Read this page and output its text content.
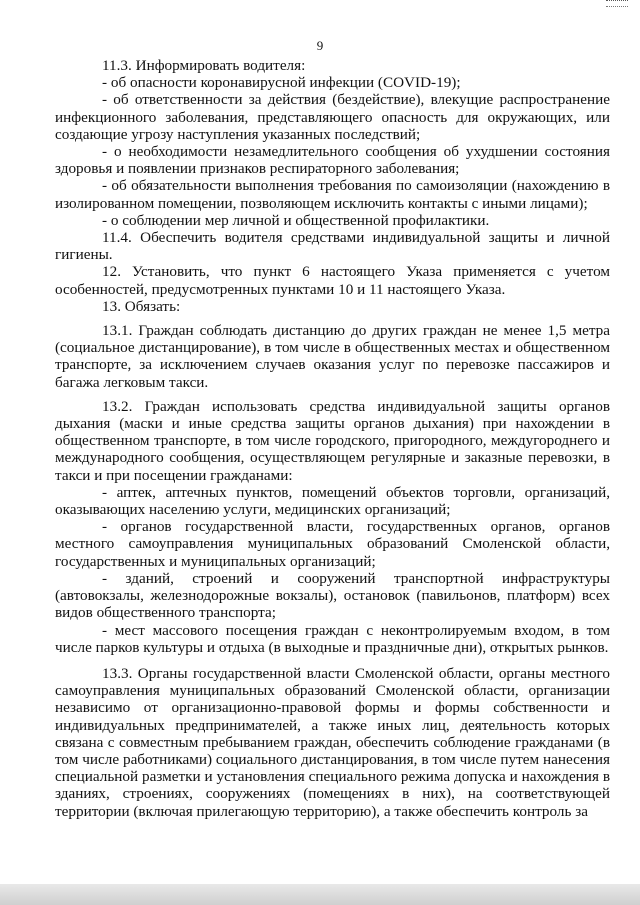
9

11.3. Информировать водителя:

- об опасности коронавирусной инфекции (COVID-19);

- об ответственности за действия (бездействие), влекущие распространение инфекционного заболевания, представляющего опасность для окружающих, или создающие угрозу наступления указанных последствий;

- о необходимости незамедлительного сообщения об ухудшении состояния здоровья и появлении признаков респираторного заболевания;

- об обязательности выполнения требования по самоизоляции (нахождению в изолированном помещении, позволяющем исключить контакты с иными лицами);

- о соблюдении мер личной и общественной профилактики.

11.4. Обеспечить водителя средствами индивидуальной защиты и личной гигиены.

12. Установить, что пункт 6 настоящего Указа применяется с учетом особенностей, предусмотренных пунктами 10 и 11 настоящего Указа.

13. Обязать:

13.1. Граждан соблюдать дистанцию до других граждан не менее 1,5 метра (социальное дистанцирование), в том числе в общественных местах и общественном транспорте, за исключением случаев оказания услуг по перевозке пассажиров и багажа легковым такси.

13.2. Граждан использовать средства индивидуальной защиты органов дыхания (маски и иные средства защиты органов дыхания) при нахождении в общественном транспорте, в том числе городского, пригородного, междугороднего и международного сообщения, осуществляющем регулярные и заказные перевозки, в такси и при посещении гражданами:

- аптек, аптечных пунктов, помещений объектов торговли, организаций, оказывающих населению услуги, медицинских организаций;

- органов государственной власти, государственных органов, органов местного самоуправления муниципальных образований Смоленской области, государственных и муниципальных организаций;

- зданий, строений и сооружений транспортной инфраструктуры (автовокзалы, железнодорожные вокзалы), остановок (павильонов, платформ) всех видов общественного транспорта;

- мест массового посещения граждан с неконтролируемым входом, в том числе парков культуры и отдыха (в выходные и праздничные дни), открытых рынков.

13.3. Органы государственной власти Смоленской области, органы местного самоуправления муниципальных образований Смоленской области, организации независимо от организационно-правовой формы и формы собственности и индивидуальных предпринимателей, а также иных лиц, деятельность которых связана с совместным пребыванием граждан, обеспечить соблюдение гражданами (в том числе работниками) социального дистанцирования, в том числе путем нанесения специальной разметки и установления специального режима допуска и нахождения в зданиях, строениях, сооружениях (помещениях в них), на соответствующей территории (включая прилегающую территорию), а также обеспечить контроль за
